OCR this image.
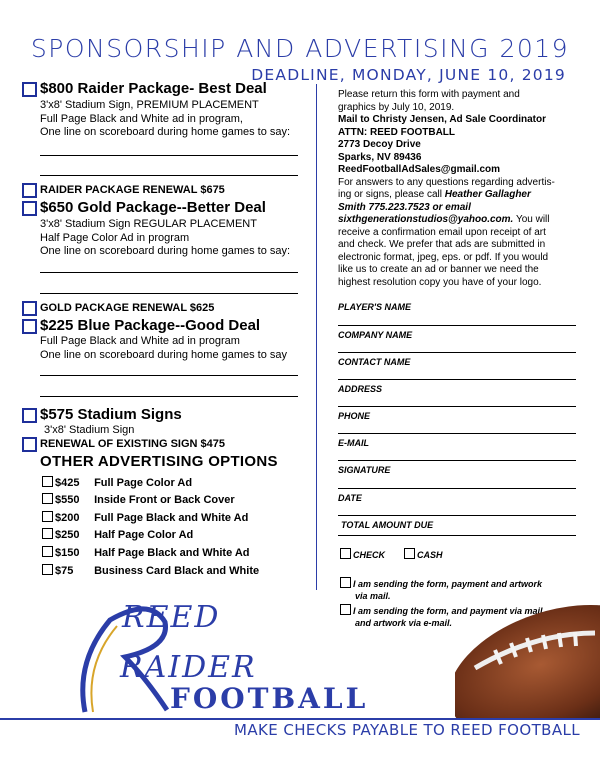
SPONSORSHIP AND ADVERTISING 2019
DEADLINE, MONDAY, JUNE 10, 2019
$800 Raider Package- Best Deal
3'x8' Stadium Sign, PREMIUM PLACEMENT
Full Page Black and White ad in program,
One line on scoreboard during home games to say:
RAIDER PACKAGE RENEWAL $675
$650 Gold Package--Better Deal
3'x8' Stadium Sign REGULAR PLACEMENT
Half Page Color Ad in program
One line on scoreboard during home games to say:
GOLD PACKAGE RENEWAL $625
$225 Blue Package--Good Deal
Full Page Black and White ad in program
One line on scoreboard during home games to say
$575 Stadium Signs
3'x8' Stadium Sign
RENEWAL OF EXISTING SIGN $475
OTHER ADVERTISING OPTIONS
$425 Full Page Color Ad
$550 Inside Front or Back Cover
$200 Full Page Black and White Ad
$250 Half Page Color Ad
$150 Half Page Black and White Ad
$75 Business Card Black and White
Please return this form with payment and
graphics by July 10, 2019.
Mail to Christy Jensen, Ad Sale Coordinator
ATTN: REED FOOTBALL
2773 Decoy Drive
Sparks, NV 89436
ReedFootballAdSales@gmail.com
For answers to any questions regarding advertis-
ing or signs, please call Heather Gallagher
Smith 775.223.7523 or email
sixthgenerationstudios@yahoo.com. You will
receive a confirmation email upon receipt of art
and check. We prefer that ads are submitted in
electronic format, jpeg, eps. or pdf. If you would
like us to create an ad or banner we need the
highest resolution copy you have of your logo.
PLAYER'S NAME
COMPANY NAME
CONTACT NAME
ADDRESS
PHONE
E-MAIL
SIGNATURE
DATE
TOTAL AMOUNT DUE
CHECK	CASH
I am sending the form, payment and artwork
via mail.
I am sending the form, and payment via mail
and artwork via e-mail.
REED
RAIDER
FOOTBALL
MAKE CHECKS PAYABLE TO REED FOOTBALL
